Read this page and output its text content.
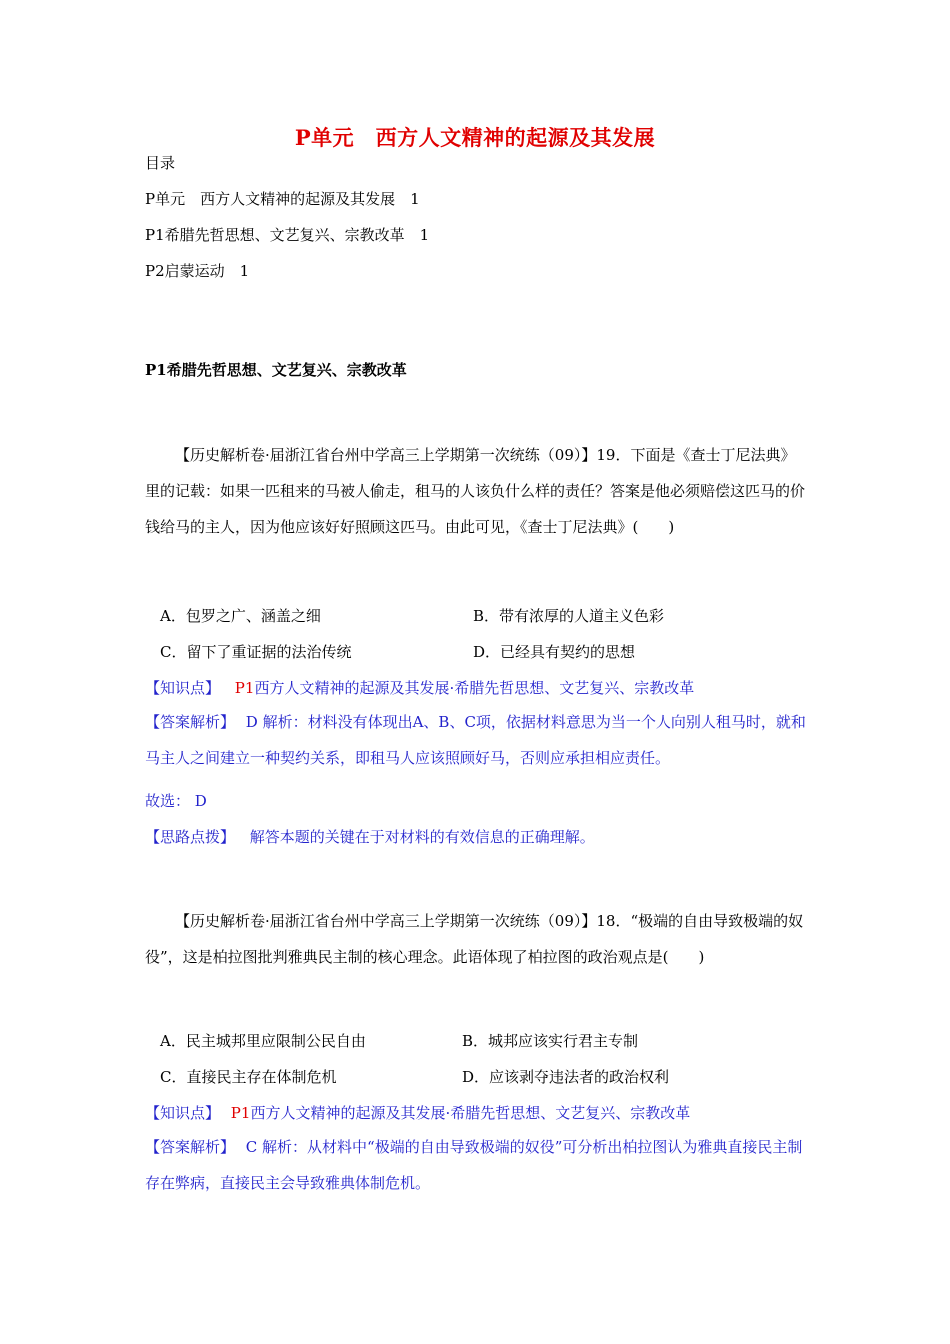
P单元　西方人文精神的起源及其发展
目录
P单元　西方人文精神的起源及其发展　1
P1希腊先哲思想、文艺复兴、宗教改革　1
P2启蒙运动　1
P1希腊先哲思想、文艺复兴、宗教改革
【历史解析卷·届浙江省台州中学高三上学期第一次统练（09）】19．下面是《查士丁尼法典》里的记载：如果一匹租来的马被人偷走，租马的人该负什么样的责任？答案是他必须赔偿这匹马的价钱给马的主人，因为他应该好好照顾这匹马。由此可见，《查士丁尼法典》(　　)
A．包罗之广、涵盖之细	B．带有浓厚的人道主义色彩
C．留下了重证据的法治传统	D．已经具有契约的思想
【知识点】 P1西方人文精神的起源及其发展·希腊先哲思想、文艺复兴、宗教改革
【答案解析】 D 解析：材料没有体现出A、B、C项，依据材料意思为当一个人向别人租马时，就和马主人之间建立一种契约关系，即租马人应该照顾好马，否则应承担相应责任。
故选： D
【思路点拨】 解答本题的关键在于对材料的有效信息的正确理解。
【历史解析卷·届浙江省台州中学高三上学期第一次统练（09）】18．“极端的自由导致极端的奴役”，这是柏拉图批判雅典民主制的核心理念。此语体现了柏拉图的政治观点是(　　)
A．民主城邦里应限制公民自由	B．城邦应该实行君主专制
C．直接民主存在体制危机	D．应该剥夺违法者的政治权利
【知识点】 P1西方人文精神的起源及其发展·希腊先哲思想、文艺复兴、宗教改革
【答案解析】 C 解析：从材料中“极端的自由导致极端的奴役”可分析出柏拉图认为雅典直接民主制存在弊病，直接民主会导致雅典体制危机。
